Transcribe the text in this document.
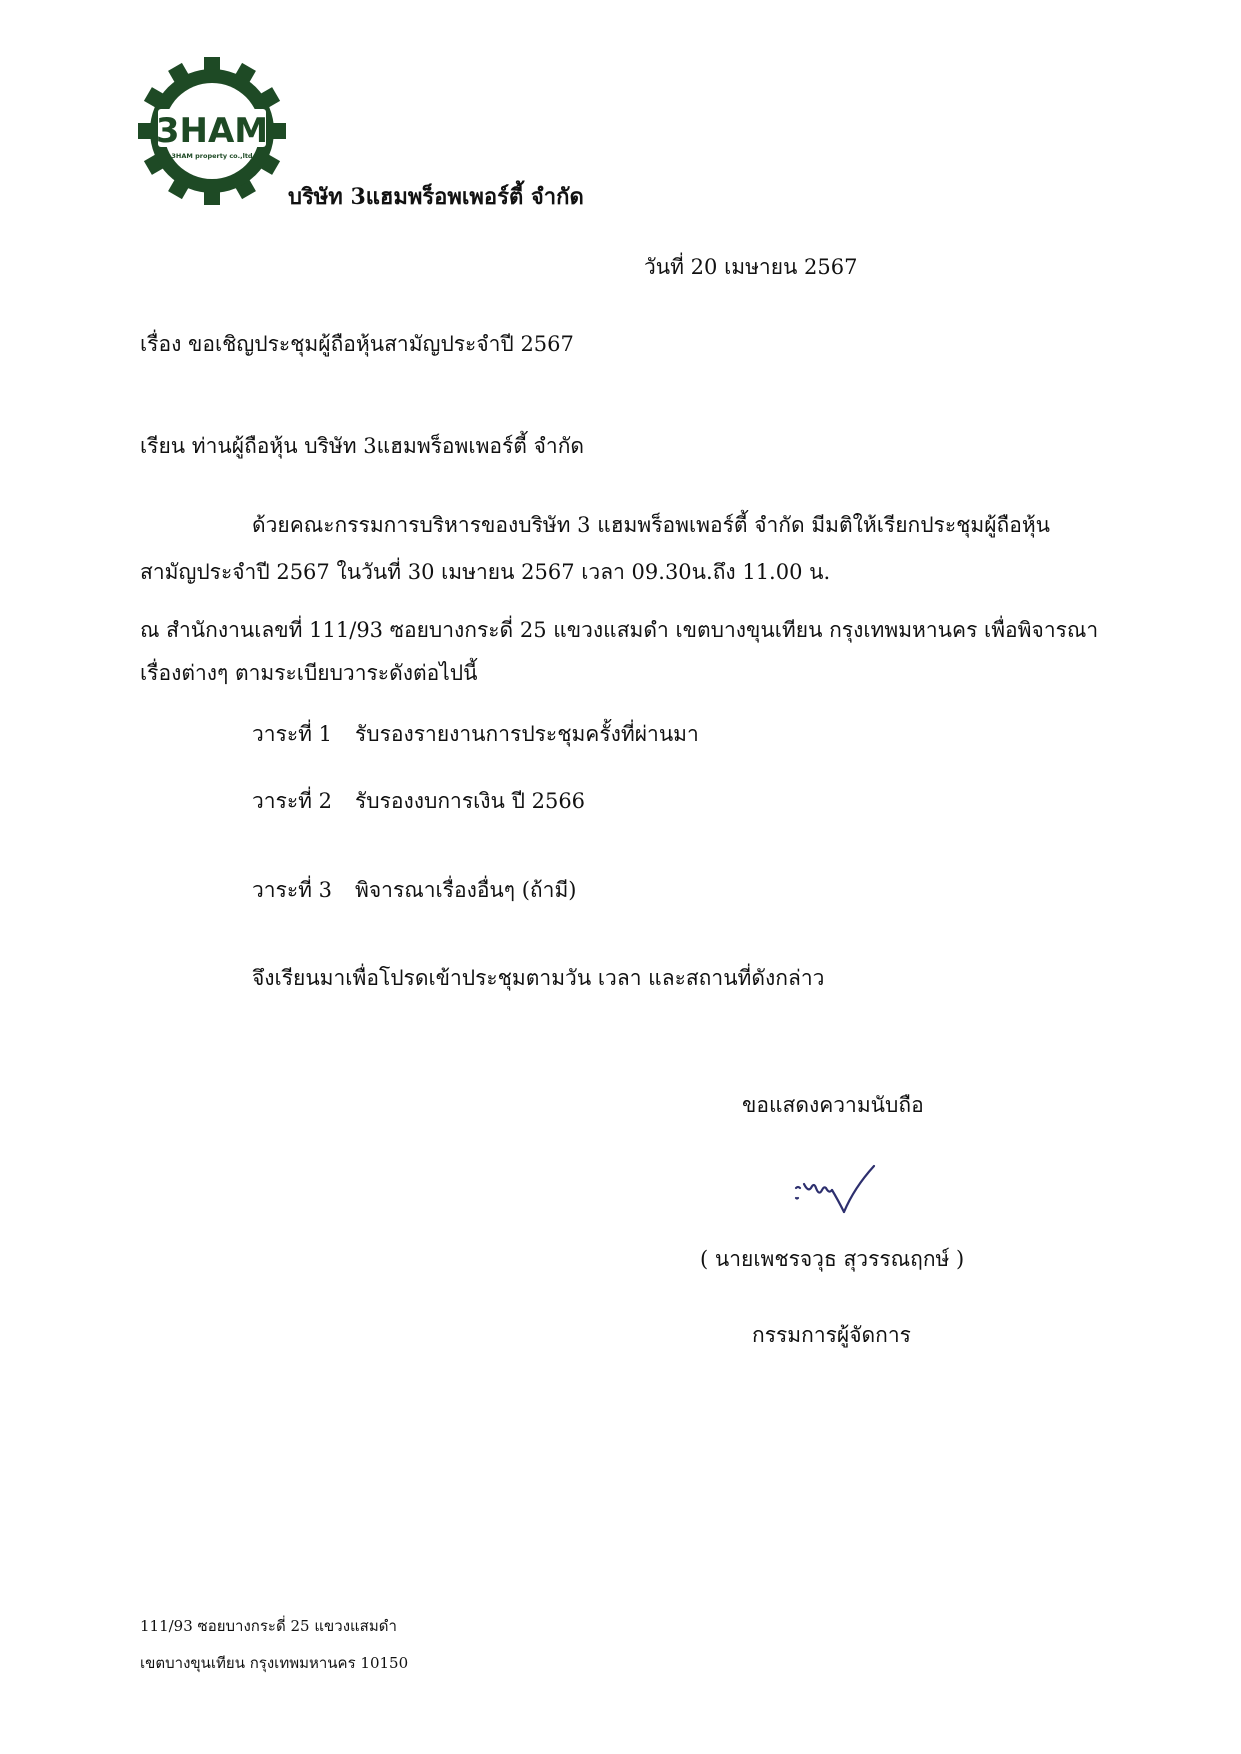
3HAM
3HAM property co.,ltd
บริษัท 3แฮมพร็อพเพอร์ตี้ จำกัด
วันที่ 20 เมษายน 2567
เรื่อง ขอเชิญประชุมผู้ถือหุ้นสามัญประจำปี 2567
เรียน ท่านผู้ถือหุ้น บริษัท 3แฮมพร็อพเพอร์ตี้ จำกัด
ด้วยคณะกรรมการบริหารของบริษัท 3 แฮมพร็อพเพอร์ตี้ จำกัด มีมติให้เรียกประชุมผู้ถือหุ้น
สามัญประจำปี 2567 ในวันที่ 30 เมษายน 2567 เวลา 09.30น.ถึง 11.00 น.
ณ สำนักงานเลขที่ 111/93 ซอยบางกระดี่ 25 แขวงแสมดำ เขตบางขุนเทียน กรุงเทพมหานคร เพื่อพิจารณา
เรื่องต่างๆ ตามระเบียบวาระดังต่อไปนี้
วาระที่ 1 รับรองรายงานการประชุมครั้งที่ผ่านมา
วาระที่ 2 รับรองงบการเงิน ปี 2566
วาระที่ 3 พิจารณาเรื่องอื่นๆ (ถ้ามี)
จึงเรียนมาเพื่อโปรดเข้าประชุมตามวัน เวลา และสถานที่ดังกล่าว
ขอแสดงความนับถือ
( นายเพชรจวุธ สุวรรณฤกษ์ )
กรรมการผู้จัดการ
111/93 ซอยบางกระดี่ 25 แขวงแสมดำ
เขตบางขุนเทียน กรุงเทพมหานคร 10150
